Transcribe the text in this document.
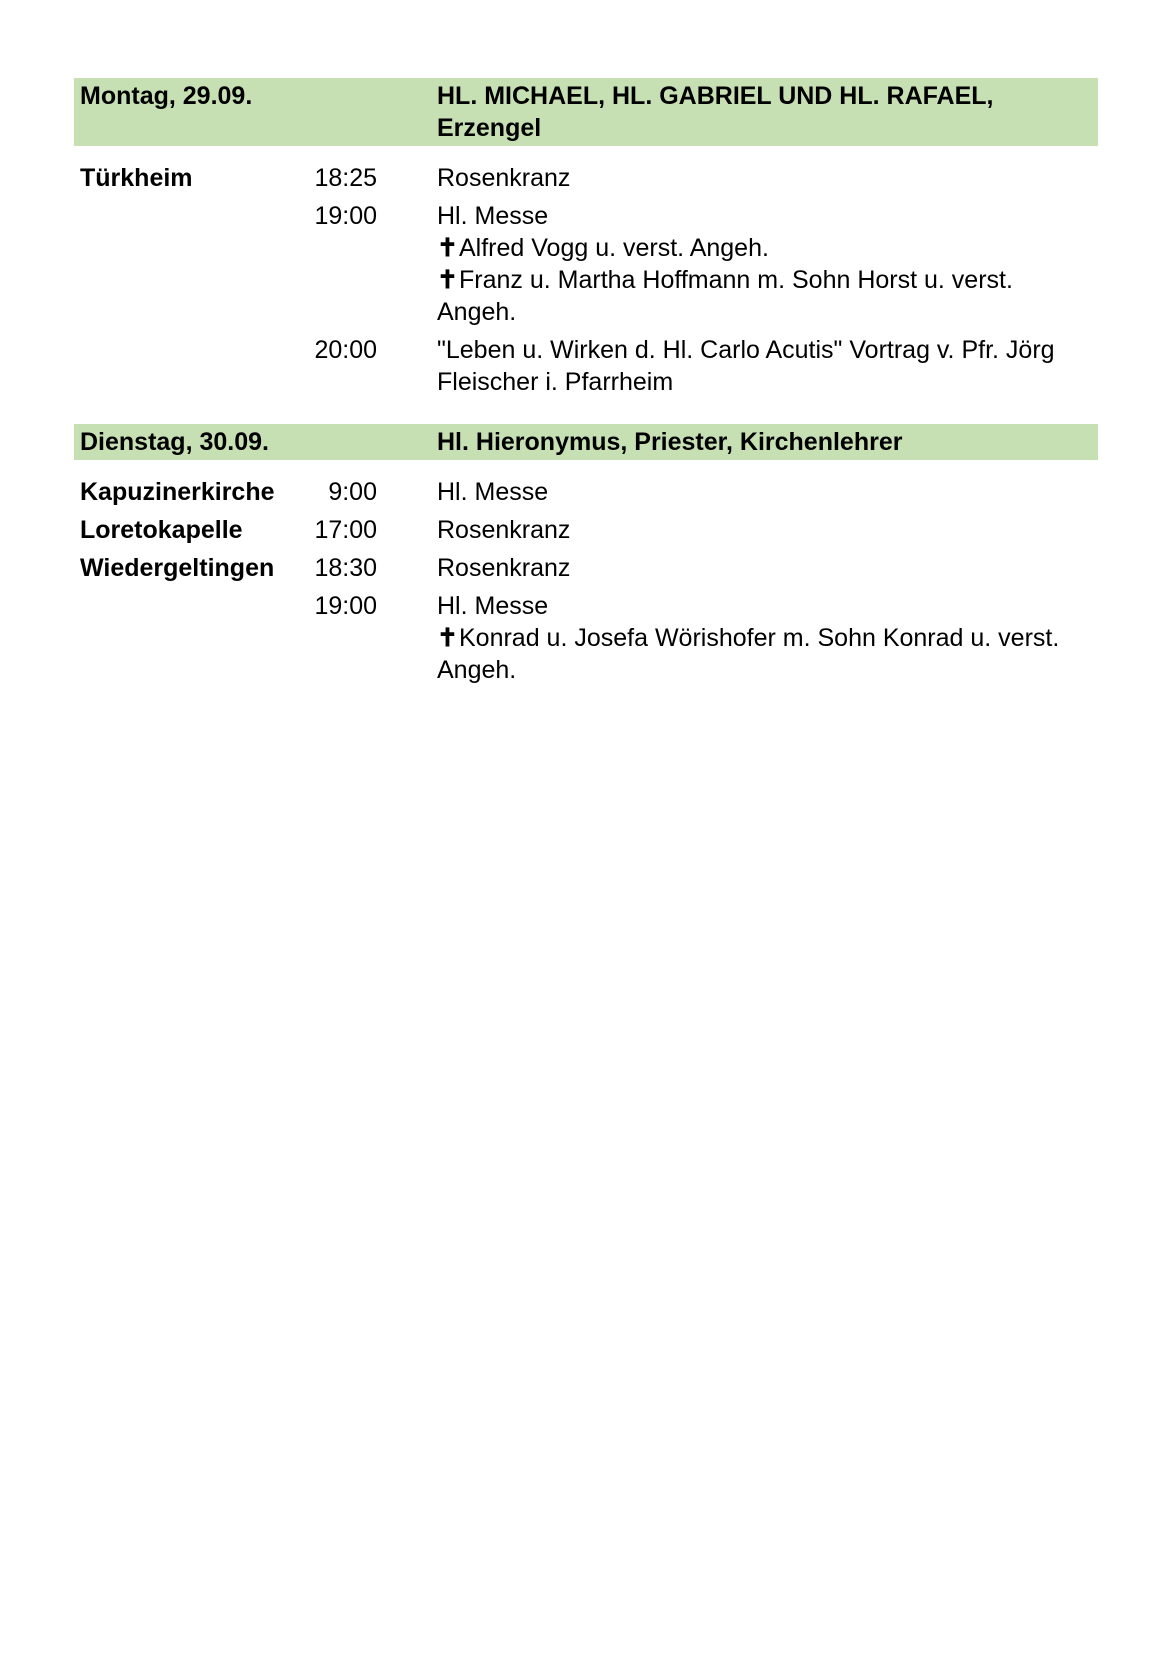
Montag, 29.09.	HL. MICHAEL, HL. GABRIEL UND HL. RAFAEL, Erzengel
Türkheim	18:25 Rosenkranz
19:00 Hl. Messe
✝Alfred Vogg u. verst. Angeh.
✝Franz u. Martha Hoffmann m. Sohn Horst u. verst. Angeh.
20:00 "Leben u. Wirken d. Hl. Carlo Acutis" Vortrag v. Pfr. Jörg Fleischer i. Pfarrheim
Dienstag, 30.09.	Hl. Hieronymus, Priester, Kirchenlehrer
Kapuzinerkirche	9:00 Hl. Messe
Loretokapelle	17:00 Rosenkranz
Wiedergeltingen	18:30 Rosenkranz
19:00 Hl. Messe
✝Konrad u. Josefa Wörishofer m. Sohn Konrad u. verst. Angeh.
